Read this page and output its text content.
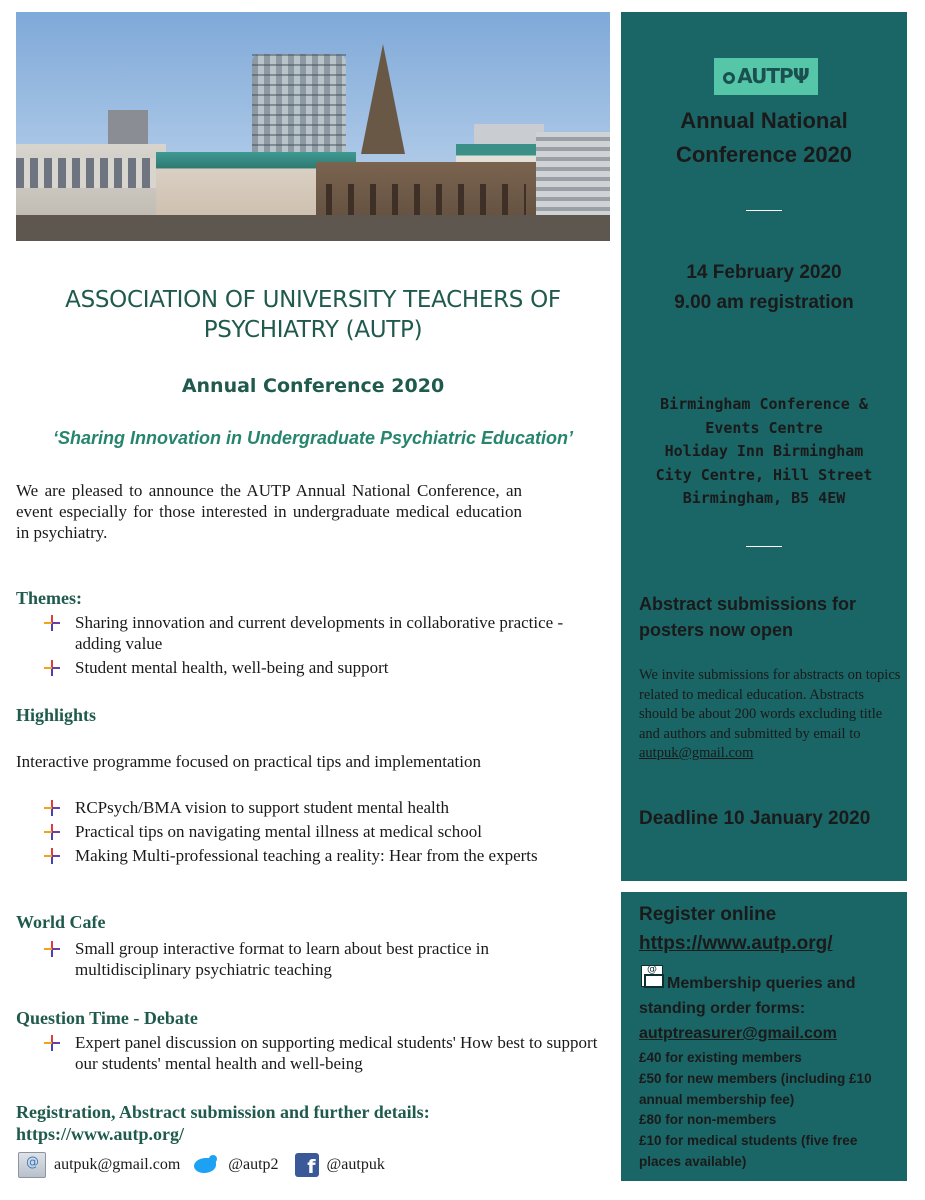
ASSOCIATION OF UNIVERSITY TEACHERS OF PSYCHIATRY (AUTP)
Annual Conference 2020
‘Sharing Innovation in Undergraduate Psychiatric Education’

We are pleased to announce the AUTP Annual National Conference, an event especially for those interested in undergraduate medical education in psychiatry.

Themes:
Sharing innovation and current developments in collaborative practice - adding value
Student mental health, well-being and support
Highlights
Interactive programme focused on practical tips and implementation
RCPsych/BMA vision to support student mental health
Practical tips on navigating mental illness at medical school
Making Multi-professional teaching a reality: Hear from the experts
World Cafe
Small group interactive format to learn about best practice in multidisciplinary psychiatric teaching
Question Time - Debate
Expert panel discussion on supporting medical students' How best to support our students' mental health and well-being
Registration, Abstract submission and further details:
https://www.autp.org/
@
autpuk@gmail.com	@autp2	f @autpuk
AUTPΨ
Annual National
Conference 2020
14 February 2020
9.00 am registration
Birmingham Conference &
Events Centre
Holiday Inn Birmingham
City Centre, Hill Street
Birmingham, B5 4EW
Abstract submissions for posters now open

We invite submissions for abstracts on topics related to medical education. Abstracts should be about 200 words excluding title and authors and submitted by email to autpuk@gmail.com

Deadline 10 January 2020
Register online
https://www.autp.org/
@
Membership queries and standing order forms:
autptreasurer@gmail.com
£40 for existing members
£50 for new members (including £10 annual membership fee)
£80 for non-members
£10 for medical students (five free places available)
